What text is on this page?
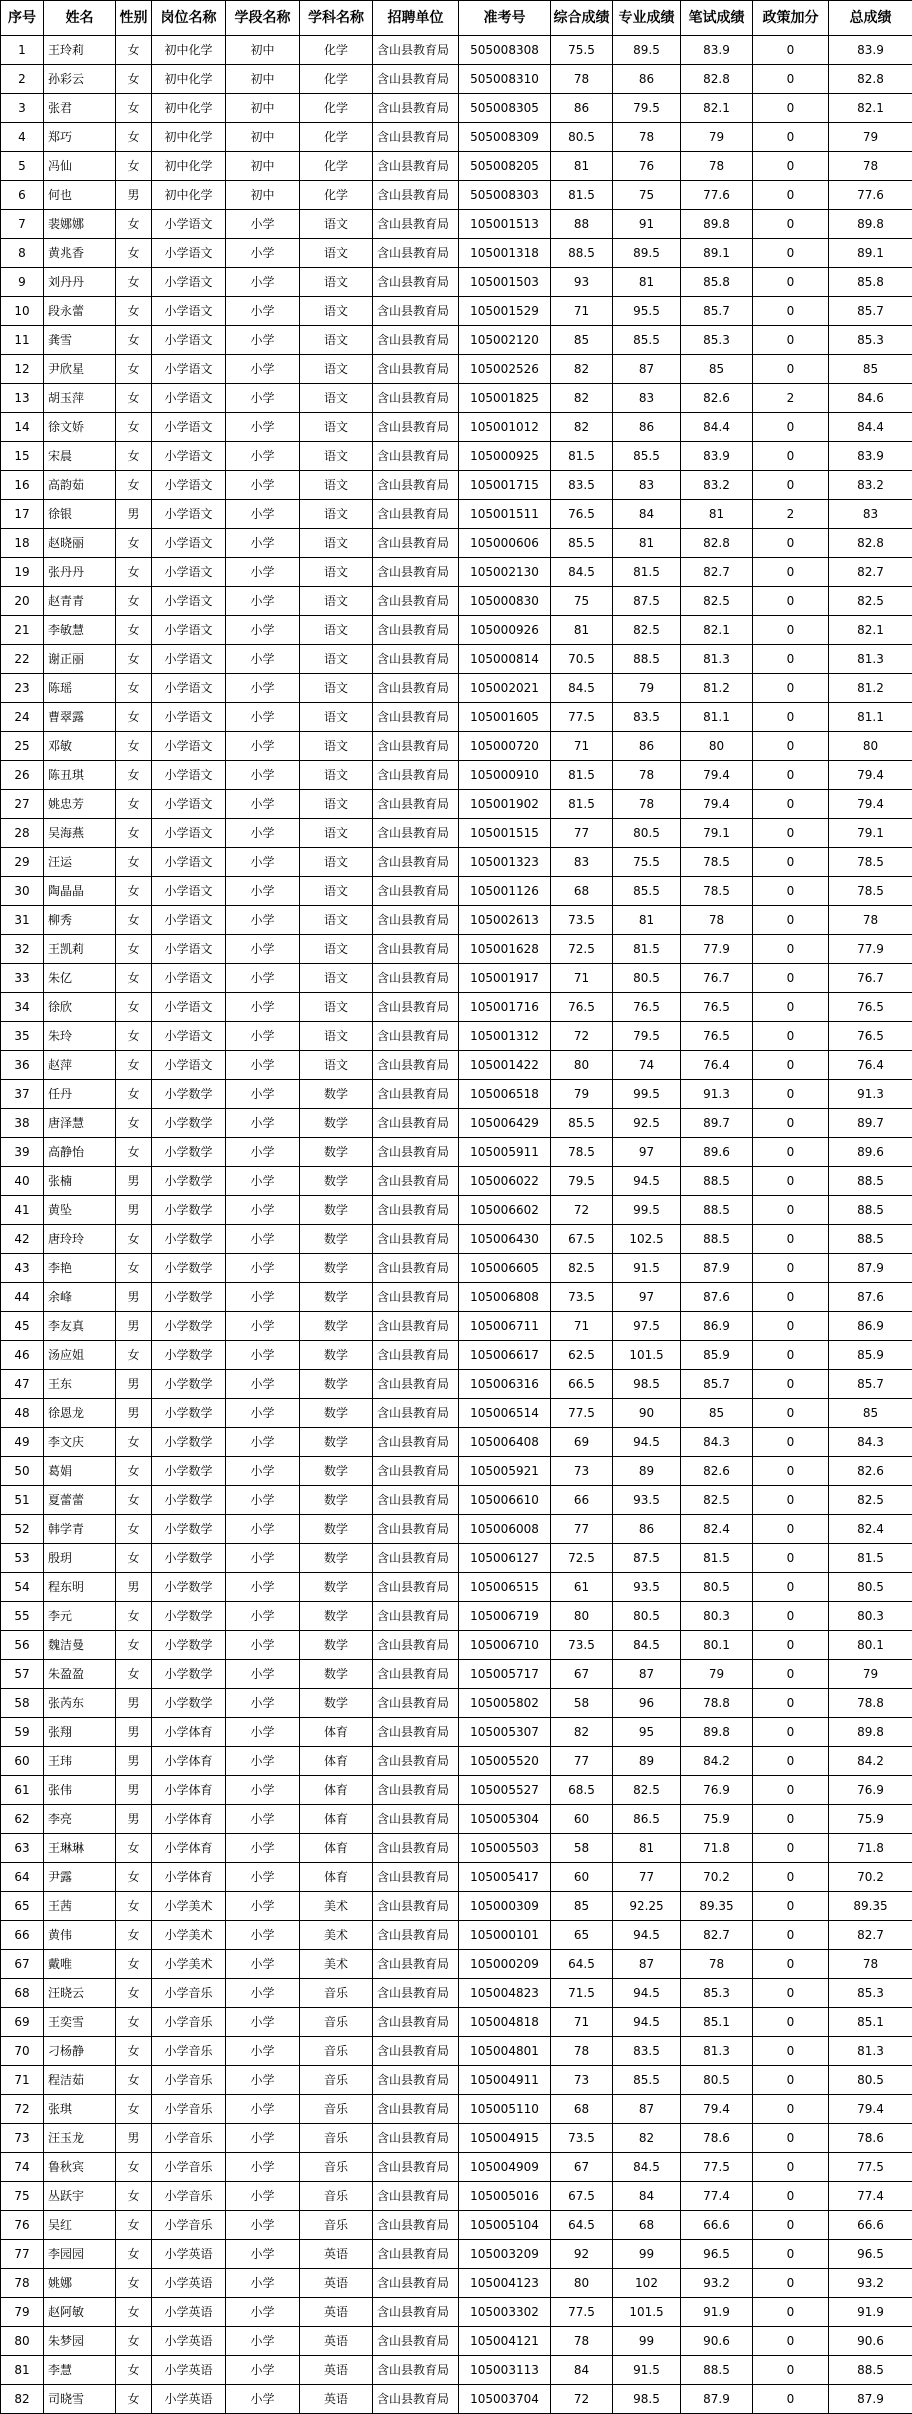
序号	姓名	性别	岗位名称	学段名称	学科名称	招聘单位	准考号	综合成绩	专业成绩	笔试成绩	政策加分	总成绩
1	王玲莉	女	初中化学	初中	化学	含山县教育局	505008308	75.5	89.5	83.9	0	83.9
2	孙彩云	女	初中化学	初中	化学	含山县教育局	505008310	78	86	82.8	0	82.8
3	张君	女	初中化学	初中	化学	含山县教育局	505008305	86	79.5	82.1	0	82.1
4	郑巧	女	初中化学	初中	化学	含山县教育局	505008309	80.5	78	79	0	79
5	冯仙	女	初中化学	初中	化学	含山县教育局	505008205	81	76	78	0	78
6	何也	男	初中化学	初中	化学	含山县教育局	505008303	81.5	75	77.6	0	77.6
7	裴娜娜	女	小学语文	小学	语文	含山县教育局	105001513	88	91	89.8	0	89.8
8	黄兆香	女	小学语文	小学	语文	含山县教育局	105001318	88.5	89.5	89.1	0	89.1
9	刘丹丹	女	小学语文	小学	语文	含山县教育局	105001503	93	81	85.8	0	85.8
10	段永蕾	女	小学语文	小学	语文	含山县教育局	105001529	71	95.5	85.7	0	85.7
11	龚雪	女	小学语文	小学	语文	含山县教育局	105002120	85	85.5	85.3	0	85.3
12	尹欣星	女	小学语文	小学	语文	含山县教育局	105002526	82	87	85	0	85
13	胡玉萍	女	小学语文	小学	语文	含山县教育局	105001825	82	83	82.6	2	84.6
14	徐文娇	女	小学语文	小学	语文	含山县教育局	105001012	82	86	84.4	0	84.4
15	宋晨	女	小学语文	小学	语文	含山县教育局	105000925	81.5	85.5	83.9	0	83.9
16	高韵茹	女	小学语文	小学	语文	含山县教育局	105001715	83.5	83	83.2	0	83.2
17	徐银	男	小学语文	小学	语文	含山县教育局	105001511	76.5	84	81	2	83
18	赵晓丽	女	小学语文	小学	语文	含山县教育局	105000606	85.5	81	82.8	0	82.8
19	张丹丹	女	小学语文	小学	语文	含山县教育局	105002130	84.5	81.5	82.7	0	82.7
20	赵青青	女	小学语文	小学	语文	含山县教育局	105000830	75	87.5	82.5	0	82.5
21	李敏慧	女	小学语文	小学	语文	含山县教育局	105000926	81	82.5	82.1	0	82.1
22	谢正丽	女	小学语文	小学	语文	含山县教育局	105000814	70.5	88.5	81.3	0	81.3
23	陈瑶	女	小学语文	小学	语文	含山县教育局	105002021	84.5	79	81.2	0	81.2
24	曹翠露	女	小学语文	小学	语文	含山县教育局	105001605	77.5	83.5	81.1	0	81.1
25	邓敏	女	小学语文	小学	语文	含山县教育局	105000720	71	86	80	0	80
26	陈丑琪	女	小学语文	小学	语文	含山县教育局	105000910	81.5	78	79.4	0	79.4
27	姚忠芳	女	小学语文	小学	语文	含山县教育局	105001902	81.5	78	79.4	0	79.4
28	吴海燕	女	小学语文	小学	语文	含山县教育局	105001515	77	80.5	79.1	0	79.1
29	汪运	女	小学语文	小学	语文	含山县教育局	105001323	83	75.5	78.5	0	78.5
30	陶晶晶	女	小学语文	小学	语文	含山县教育局	105001126	68	85.5	78.5	0	78.5
31	柳秀	女	小学语文	小学	语文	含山县教育局	105002613	73.5	81	78	0	78
32	王凯莉	女	小学语文	小学	语文	含山县教育局	105001628	72.5	81.5	77.9	0	77.9
33	朱亿	女	小学语文	小学	语文	含山县教育局	105001917	71	80.5	76.7	0	76.7
34	徐欣	女	小学语文	小学	语文	含山县教育局	105001716	76.5	76.5	76.5	0	76.5
35	朱玲	女	小学语文	小学	语文	含山县教育局	105001312	72	79.5	76.5	0	76.5
36	赵萍	女	小学语文	小学	语文	含山县教育局	105001422	80	74	76.4	0	76.4
37	任丹	女	小学数学	小学	数学	含山县教育局	105006518	79	99.5	91.3	0	91.3
38	唐泽慧	女	小学数学	小学	数学	含山县教育局	105006429	85.5	92.5	89.7	0	89.7
39	高静怡	女	小学数学	小学	数学	含山县教育局	105005911	78.5	97	89.6	0	89.6
40	张楠	男	小学数学	小学	数学	含山县教育局	105006022	79.5	94.5	88.5	0	88.5
41	黄坠	男	小学数学	小学	数学	含山县教育局	105006602	72	99.5	88.5	0	88.5
42	唐玲玲	女	小学数学	小学	数学	含山县教育局	105006430	67.5	102.5	88.5	0	88.5
43	李艳	女	小学数学	小学	数学	含山县教育局	105006605	82.5	91.5	87.9	0	87.9
44	余峰	男	小学数学	小学	数学	含山县教育局	105006808	73.5	97	87.6	0	87.6
45	李友真	男	小学数学	小学	数学	含山县教育局	105006711	71	97.5	86.9	0	86.9
46	汤应姐	女	小学数学	小学	数学	含山县教育局	105006617	62.5	101.5	85.9	0	85.9
47	王东	男	小学数学	小学	数学	含山县教育局	105006316	66.5	98.5	85.7	0	85.7
48	徐恩龙	男	小学数学	小学	数学	含山县教育局	105006514	77.5	90	85	0	85
49	李文庆	女	小学数学	小学	数学	含山县教育局	105006408	69	94.5	84.3	0	84.3
50	葛娟	女	小学数学	小学	数学	含山县教育局	105005921	73	89	82.6	0	82.6
51	夏蕾蕾	女	小学数学	小学	数学	含山县教育局	105006610	66	93.5	82.5	0	82.5
52	韩学青	女	小学数学	小学	数学	含山县教育局	105006008	77	86	82.4	0	82.4
53	殷玥	女	小学数学	小学	数学	含山县教育局	105006127	72.5	87.5	81.5	0	81.5
54	程东明	男	小学数学	小学	数学	含山县教育局	105006515	61	93.5	80.5	0	80.5
55	李元	女	小学数学	小学	数学	含山县教育局	105006719	80	80.5	80.3	0	80.3
56	魏洁曼	女	小学数学	小学	数学	含山县教育局	105006710	73.5	84.5	80.1	0	80.1
57	朱盈盈	女	小学数学	小学	数学	含山县教育局	105005717	67	87	79	0	79
58	张芮东	男	小学数学	小学	数学	含山县教育局	105005802	58	96	78.8	0	78.8
59	张翔	男	小学体育	小学	体育	含山县教育局	105005307	82	95	89.8	0	89.8
60	王玮	男	小学体育	小学	体育	含山县教育局	105005520	77	89	84.2	0	84.2
61	张伟	男	小学体育	小学	体育	含山县教育局	105005527	68.5	82.5	76.9	0	76.9
62	李亮	男	小学体育	小学	体育	含山县教育局	105005304	60	86.5	75.9	0	75.9
63	王琳琳	女	小学体育	小学	体育	含山县教育局	105005503	58	81	71.8	0	71.8
64	尹露	女	小学体育	小学	体育	含山县教育局	105005417	60	77	70.2	0	70.2
65	王茜	女	小学美术	小学	美术	含山县教育局	105000309	85	92.25	89.35	0	89.35
66	黄伟	女	小学美术	小学	美术	含山县教育局	105000101	65	94.5	82.7	0	82.7
67	戴唯	女	小学美术	小学	美术	含山县教育局	105000209	64.5	87	78	0	78
68	汪晓云	女	小学音乐	小学	音乐	含山县教育局	105004823	71.5	94.5	85.3	0	85.3
69	王奕雪	女	小学音乐	小学	音乐	含山县教育局	105004818	71	94.5	85.1	0	85.1
70	刁杨静	女	小学音乐	小学	音乐	含山县教育局	105004801	78	83.5	81.3	0	81.3
71	程洁茹	女	小学音乐	小学	音乐	含山县教育局	105004911	73	85.5	80.5	0	80.5
72	张琪	女	小学音乐	小学	音乐	含山县教育局	105005110	68	87	79.4	0	79.4
73	汪玉龙	男	小学音乐	小学	音乐	含山县教育局	105004915	73.5	82	78.6	0	78.6
74	鲁秋宾	女	小学音乐	小学	音乐	含山县教育局	105004909	67	84.5	77.5	0	77.5
75	丛跃宇	女	小学音乐	小学	音乐	含山县教育局	105005016	67.5	84	77.4	0	77.4
76	吴红	女	小学音乐	小学	音乐	含山县教育局	105005104	64.5	68	66.6	0	66.6
77	李园园	女	小学英语	小学	英语	含山县教育局	105003209	92	99	96.5	0	96.5
78	姚娜	女	小学英语	小学	英语	含山县教育局	105004123	80	102	93.2	0	93.2
79	赵阿敏	女	小学英语	小学	英语	含山县教育局	105003302	77.5	101.5	91.9	0	91.9
80	朱梦园	女	小学英语	小学	英语	含山县教育局	105004121	78	99	90.6	0	90.6
81	李慧	女	小学英语	小学	英语	含山县教育局	105003113	84	91.5	88.5	0	88.5
82	司晓雪	女	小学英语	小学	英语	含山县教育局	105003704	72	98.5	87.9	0	87.9
